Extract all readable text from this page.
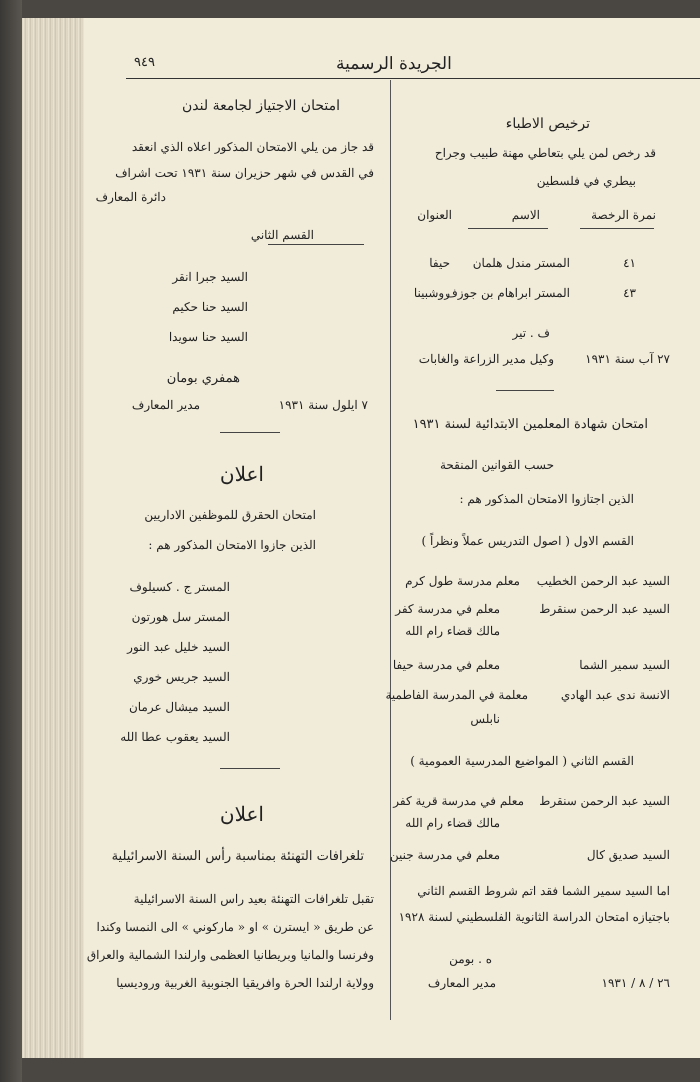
الجريدة الرسمية
٩٤٩
ترخيص الاطباء
قد رخص لمن يلي بتعاطي مهنة طبيب وجراح
بيطري في فلسطين
نمرة الرخصة
الاسم
العنوان
٤١
المستر مندل هلمان
حيفا
٤٣
المستر ابراهام بن جوزف
روشبينا
ف . تير
٢٧ آب سنة ١٩٣١
وكيل مدير الزراعة والغابات
امتحان شهادة المعلمين الابتدائية لسنة ١٩٣١
حسب القوانين المنقحة
الذين اجتازوا الامتحان المذكور هم :
القسم الاول ( اصول التدريس عملاً ونظراً )
السيد عبد الرحمن الخطيب
معلم مدرسة طول كرم
السيد عبد الرحمن سنقرط
معلم في مدرسة كفر
مالك قضاء رام الله
السيد سمير الشما
معلم في مدرسة حيفا
الانسة ندى عبد الهادي
معلمة في المدرسة الفاطمية
نابلس
القسم الثاني ( المواضيع المدرسية العمومية )
السيد عبد الرحمن سنقرط
معلم في مدرسة قرية كفر
مالك قضاء رام الله
السيد صديق كال
معلم في مدرسة جنين
اما السيد سمير الشما فقد اتم شروط القسم الثاني
باجتيازه امتحان الدراسة الثانوية الفلسطيني لسنة ١٩٢٨
ه . بومن
٢٦ / ٨ / ١٩٣١
مدير المعارف
امتحان الاجتياز لجامعة لندن
قد جاز من يلي الامتحان المذكور اعلاه الذي انعقد
في القدس في شهر حزيران سنة ١٩٣١ تحت اشراف
دائرة المعارف
القسم الثاني
السيد جبرا انقر
السيد حنا حكيم
السيد حنا سويدا
همفري بومان
٧ ايلول سنة ١٩٣١
مدير المعارف
اعلان
امتحان الحقرق للموظفين الاداريين
الذين جازوا الامتحان المذكور هم :
المستر ج . كسيلوف
المستر سل هورتون
السيد خليل عبد النور
السيد جريس خوري
السيد ميشال عرمان
السيد يعقوب عطا الله
اعلان
تلغرافات التهنئة بمناسبة رأس السنة الاسرائيلية
تقبل تلغرافات التهنئة بعيد راس السنة الاسرائيلية
عن طريق « ايسترن » او « ماركوني » الى النمسا وكندا
وفرنسا والمانيا وبريطانيا العظمى وارلندا الشمالية والعراق
وولاية ارلندا الحرة وافريقيا الجنوبية الغربية وروديسيا
